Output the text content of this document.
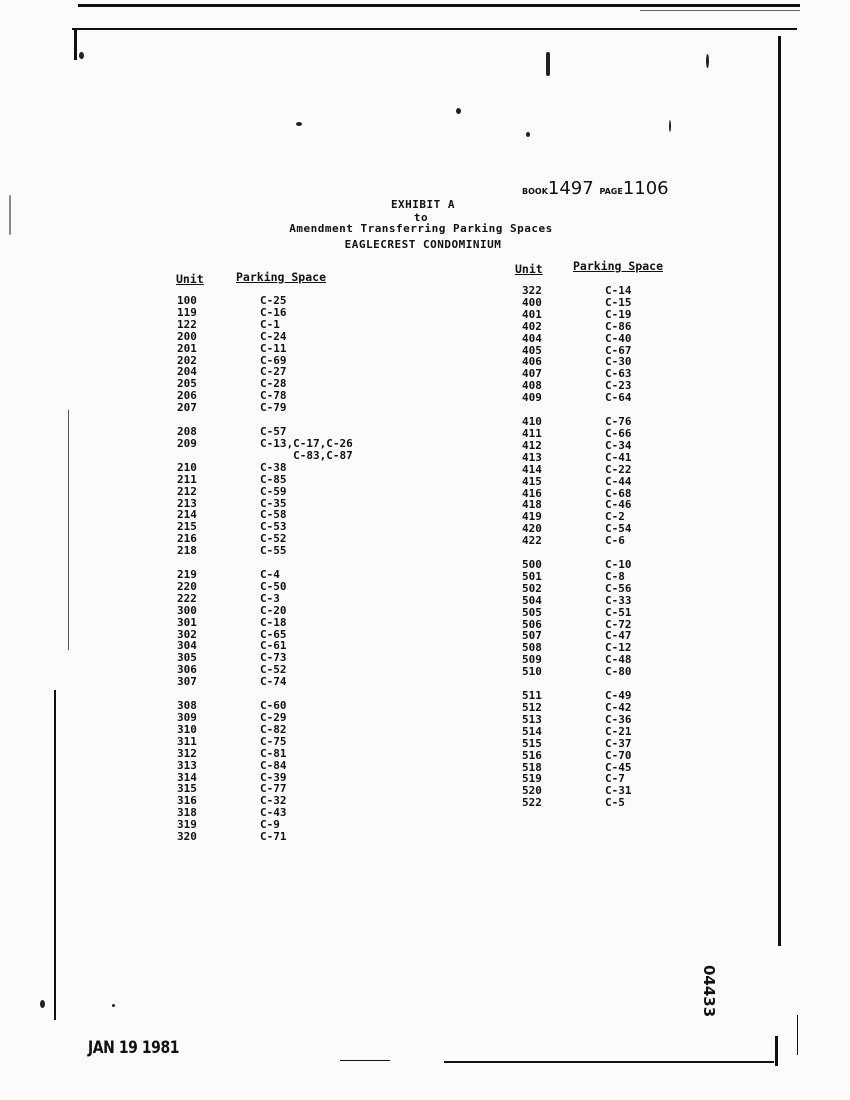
BOOK1497 PAGE1106
EXHIBIT A
to
Amendment Transferring Parking Spaces
EAGLECREST CONDOMINIUM
Unit	Parking Space
Unit	Parking Space
100	C-25
119	C-16
122	C-1
200	C-24
201	C-11
202	C-69
204	C-27
205	C-28
206	C-78
207	C-79
208	C-57
209	C-13,C-17,C-26
C-83,C-87
210	C-38
211	C-85
212	C-59
213	C-35
214	C-58
215	C-53
216	C-52
218	C-55
219	C-4
220	C-50
222	C-3
300	C-20
301	C-18
302	C-65
304	C-61
305	C-73
306	C-52
307	C-74
308	C-60
309	C-29
310	C-82
311	C-75
312	C-81
313	C-84
314	C-39
315	C-77
316	C-32
318	C-43
319	C-9
320	C-71
322	C-14
400	C-15
401	C-19
402	C-86
404	C-40
405	C-67
406	C-30
407	C-63
408	C-23
409	C-64
410	C-76
411	C-66
412	C-34
413	C-41
414	C-22
415	C-44
416	C-68
418	C-46
419	C-2
420	C-54
422	C-6
500	C-10
501	C-8
502	C-56
504	C-33
505	C-51
506	C-72
507	C-47
508	C-12
509	C-48
510	C-80
511	C-49
512	C-42
513	C-36
514	C-21
515	C-37
516	C-70
518	C-45
519	C-7
520	C-31
522	C-5
JAN 19 1981
04433
